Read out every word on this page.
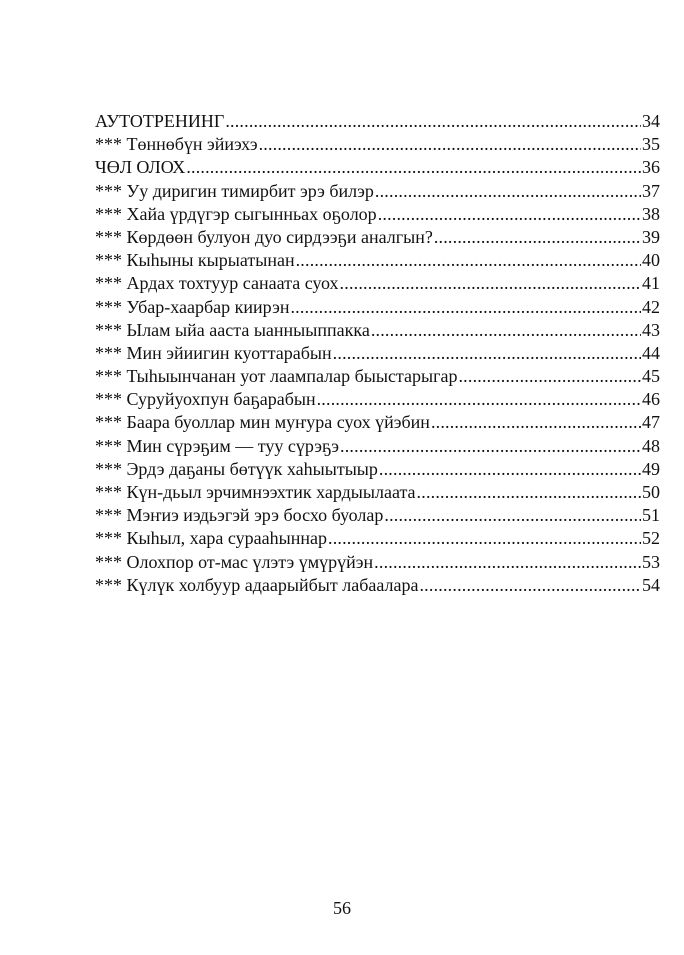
АУТОТРЕНИНГ .....	34
*** Төннөбүн эйиэхэ .....	35
ЧӨЛ ОЛОХ .....	36
*** Уу диригин тимирбит эрэ билэр .....	37
*** Хайа үрдүгэр сыгынньах оҕолор .....	38
*** Көрдөөн булуон дуо сирдээҕи аналгын? .....	39
*** Кыһыны кырыатынан .....	40
*** Ардах тохтуур санаата суох .....	41
*** Убар-хаарбар киирэн .....	42
*** Ылам ыйа ааста ыанныыппакка .....	43
*** Мин эйиигин куоттарабын .....	44
*** Тыһыынчанан уот лаампалар быыстарыгар .....	45
*** Суруйуохпун баҕарабын .....	46
*** Баара буоллар мин муҥура суох үйэбин .....	47
*** Мин сүрэҕим — туу сүрэҕэ .....	48
*** Эрдэ даҕаны бөтүүк хаһыытыыр .....	49
*** Күн-дьыл эрчимнээхтик хардыылаата .....	50
*** Мэҥиэ иэдьэгэй эрэ босхо буолар .....	51
*** Кыһыл, хара сурааһыннар .....	52
*** Олохпор от-мас үлэтэ үмүрүйэн .....	53
*** Күлүк холбуур адаарыйбыт лабаалара .....	54
56
